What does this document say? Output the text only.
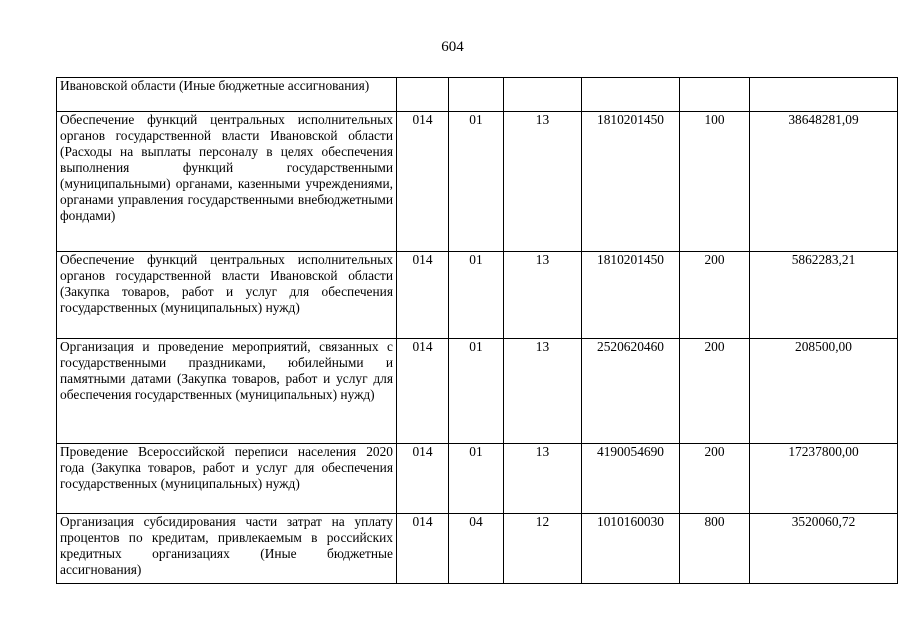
604
Ивановской области (Иные бюджетные ассигнования)						
Обеспечение функций центральных исполнительных органов государственной власти Ивановской области (Расходы на выплаты персоналу в целях обеспечения выполнения функций государственными (муниципальными) органами, казенными учреждениями, органами управления государственными внебюджетными фондами)	014	01	13	1810201450	100	38648281,09
Обеспечение функций центральных исполнительных органов государственной власти Ивановской области (Закупка товаров, работ и услуг для обеспечения государственных (муниципальных) нужд)	014	01	13	1810201450	200	5862283,21
Организация и проведение мероприятий, связанных с государственными праздниками, юбилейными и памятными датами (Закупка товаров, работ и услуг для обеспечения государственных (муниципальных) нужд)	014	01	13	2520620460	200	208500,00
Проведение Всероссийской переписи населения 2020 года (Закупка товаров, работ и услуг для обеспечения государственных (муниципальных) нужд)	014	01	13	4190054690	200	17237800,00
Организация субсидирования части затрат на уплату процентов по кредитам, привлекаемым в российских кредитных организациях (Иные бюджетные ассигнования)	014	04	12	1010160030	800	3520060,72
